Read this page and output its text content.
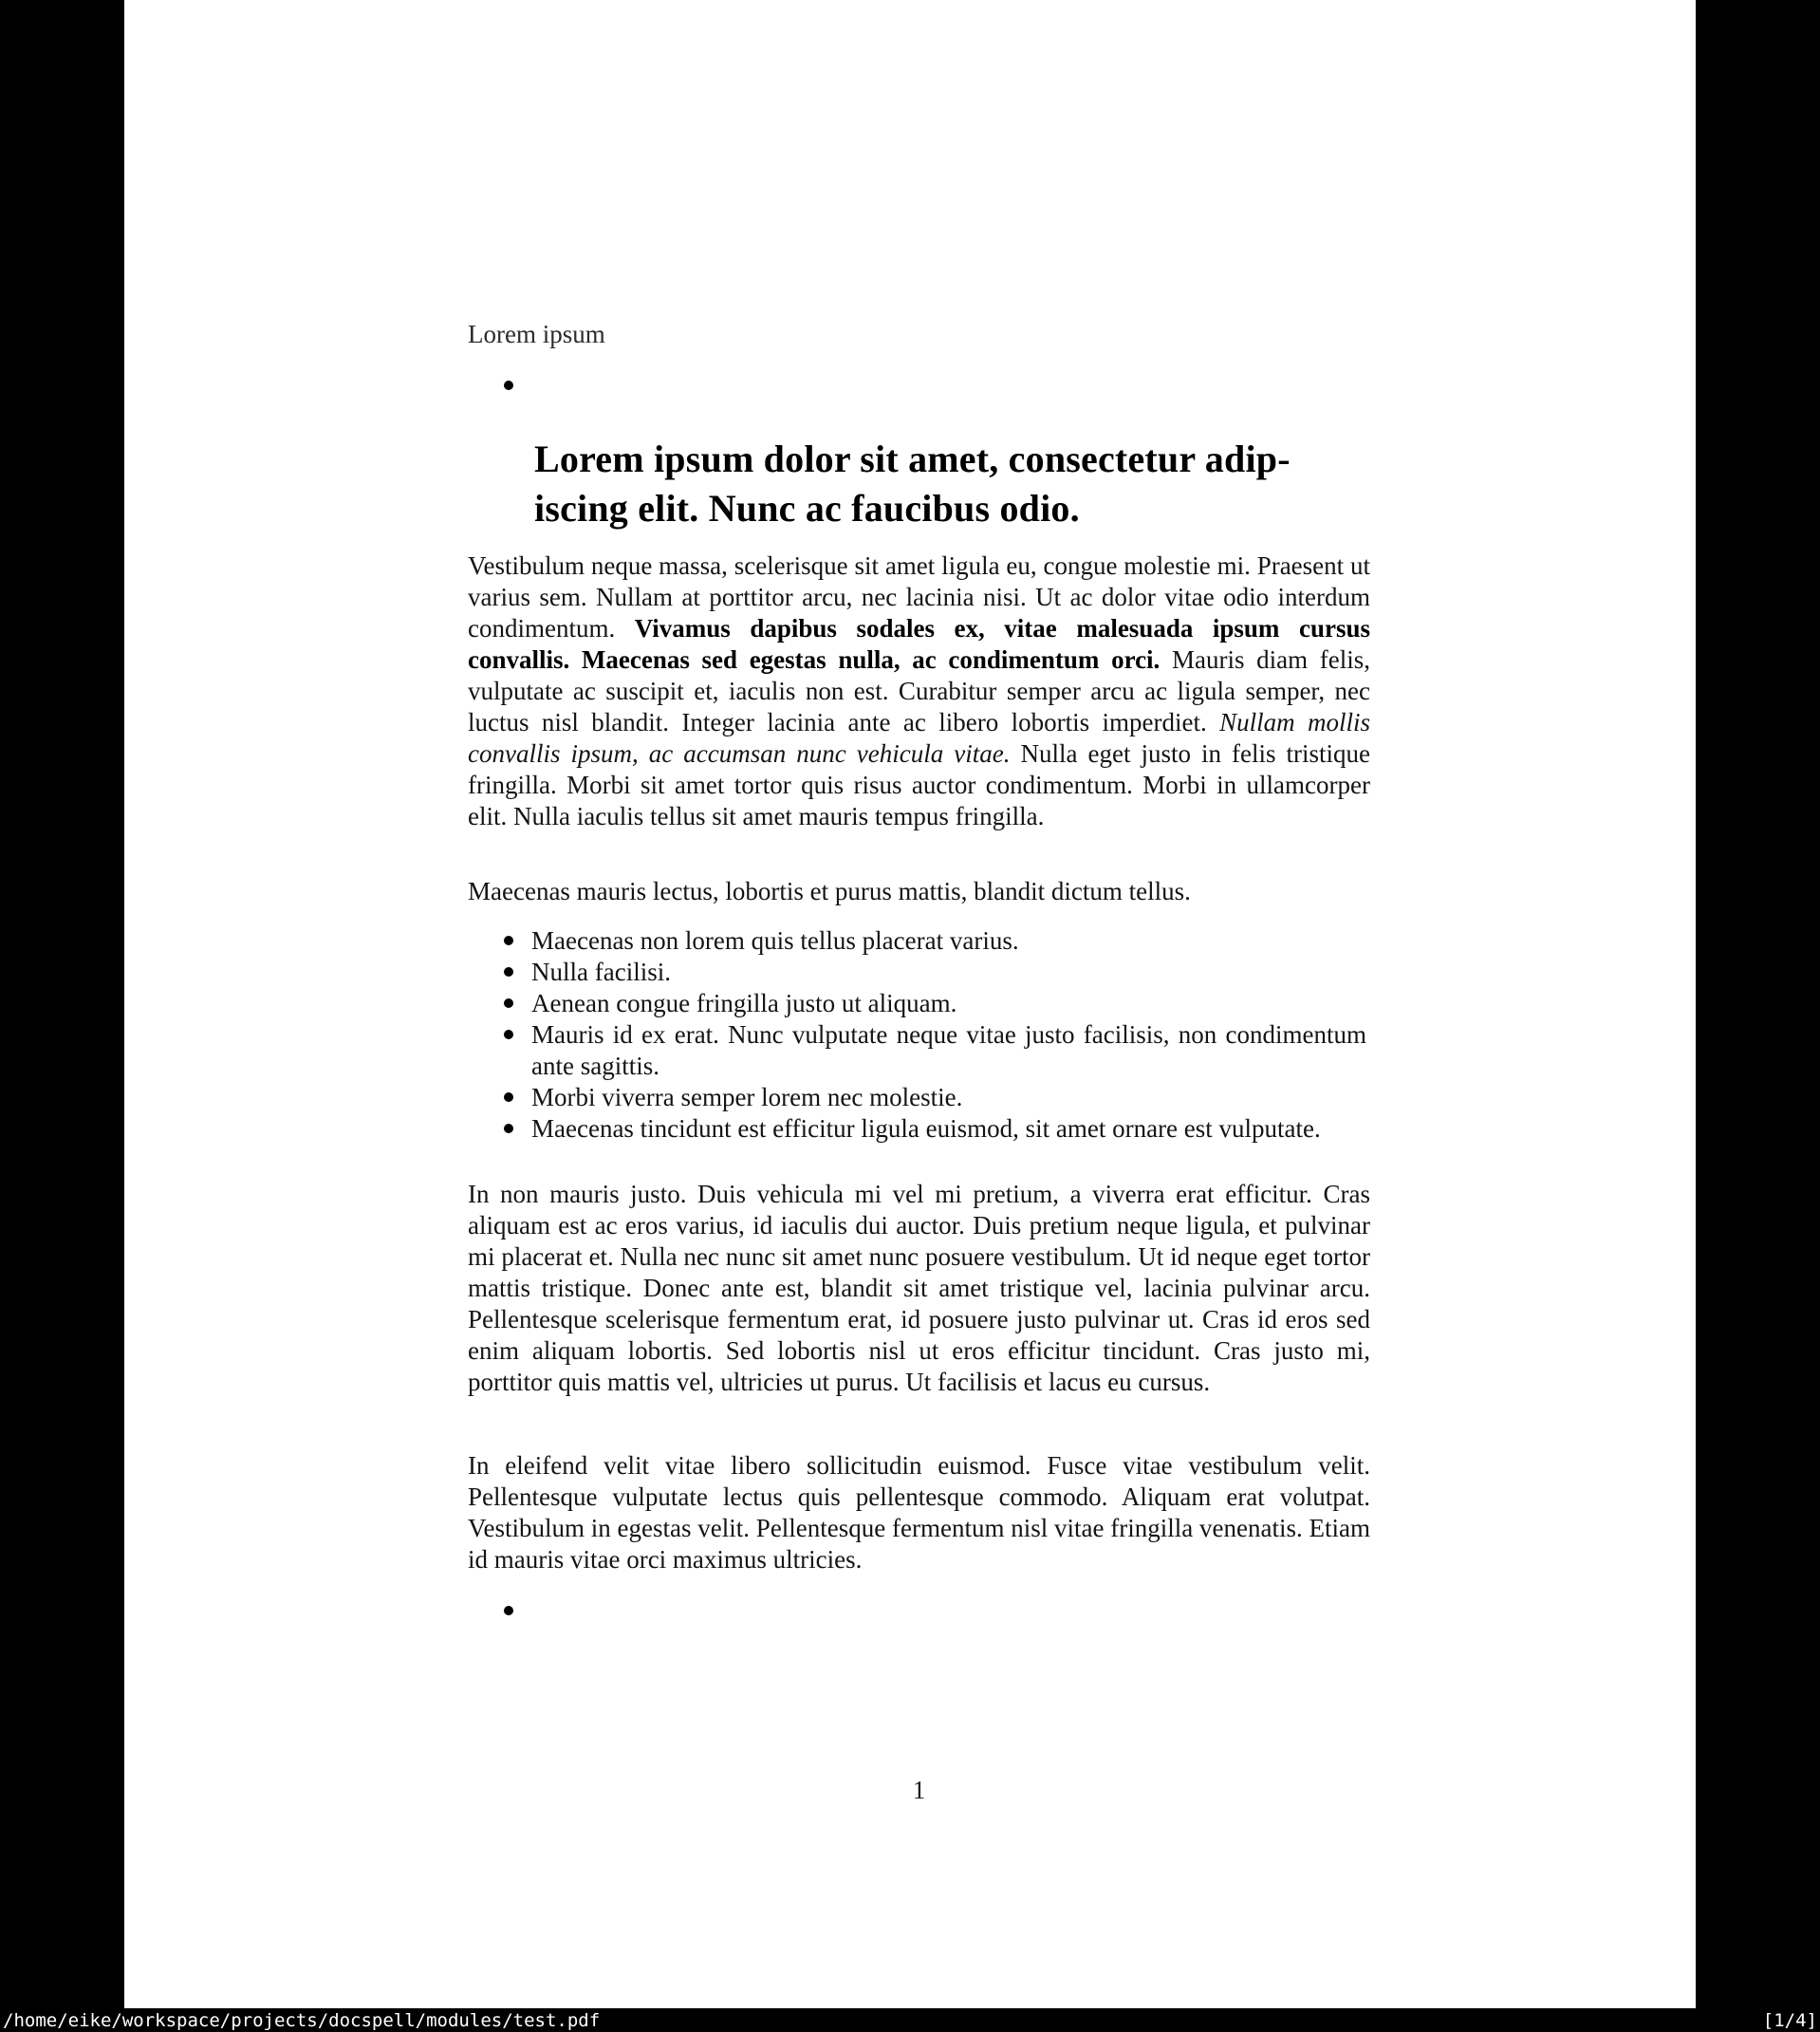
Lorem ipsum
Lorem ipsum dolor sit amet, consectetur adip-
iscing elit. Nunc ac faucibus odio.

Vestibulum neque massa, scelerisque sit amet ligula eu, congue molestie mi. Praesent ut varius sem. Nullam at porttitor arcu, nec lacinia nisi. Ut ac dolor vitae odio interdum condimentum. Vivamus dapibus sodales ex, vitae malesuada ipsum cursus convallis. Maecenas sed egestas nulla, ac condimentum orci. Mauris diam felis, vulputate ac suscipit et, iaculis non est. Curabitur semper arcu ac ligula semper, nec luctus nisl blandit. Integer lacinia ante ac libero lobortis imperdiet. Nullam mollis convallis ipsum, ac accumsan nunc vehicula vitae. Nulla eget justo in felis tristique fringilla. Morbi sit amet tortor quis risus auctor condimentum. Morbi in ullamcorper elit. Nulla iaculis tellus sit amet mauris tempus fringilla.

Maecenas mauris lectus, lobortis et purus mattis, blandit dictum tellus.

Maecenas non lorem quis tellus placerat varius.
Nulla facilisi.
Aenean congue fringilla justo ut aliquam.
Mauris id ex erat. Nunc vulputate neque vitae justo facilisis, non condimentum ante sagittis.
Morbi viverra semper lorem nec molestie.
Maecenas tincidunt est efficitur ligula euismod, sit amet ornare est vulputate.

In non mauris justo. Duis vehicula mi vel mi pretium, a viverra erat efficitur. Cras aliquam est ac eros varius, id iaculis dui auctor. Duis pretium neque ligula, et pulvinar mi placerat et. Nulla nec nunc sit amet nunc posuere vestibulum. Ut id neque eget tortor mattis tristique. Donec ante est, blandit sit amet tristique vel, lacinia pulvinar arcu. Pellentesque scelerisque fermentum erat, id posuere justo pulvinar ut. Cras id eros sed enim aliquam lobortis. Sed lobortis nisl ut eros efficitur tincidunt. Cras justo mi, porttitor quis mattis vel, ultricies ut purus. Ut facilisis et lacus eu cursus.

In eleifend velit vitae libero sollicitudin euismod. Fusce vitae vestibulum velit. Pellentesque vulputate lectus quis pellentesque commodo. Aliquam erat volutpat. Vestibulum in egestas velit. Pellentesque fermentum nisl vitae fringilla venenatis. Etiam id mauris vitae orci maximus ultricies.

1
/home/eike/workspace/projects/docspell/modules/test.pdf	[1/4]
